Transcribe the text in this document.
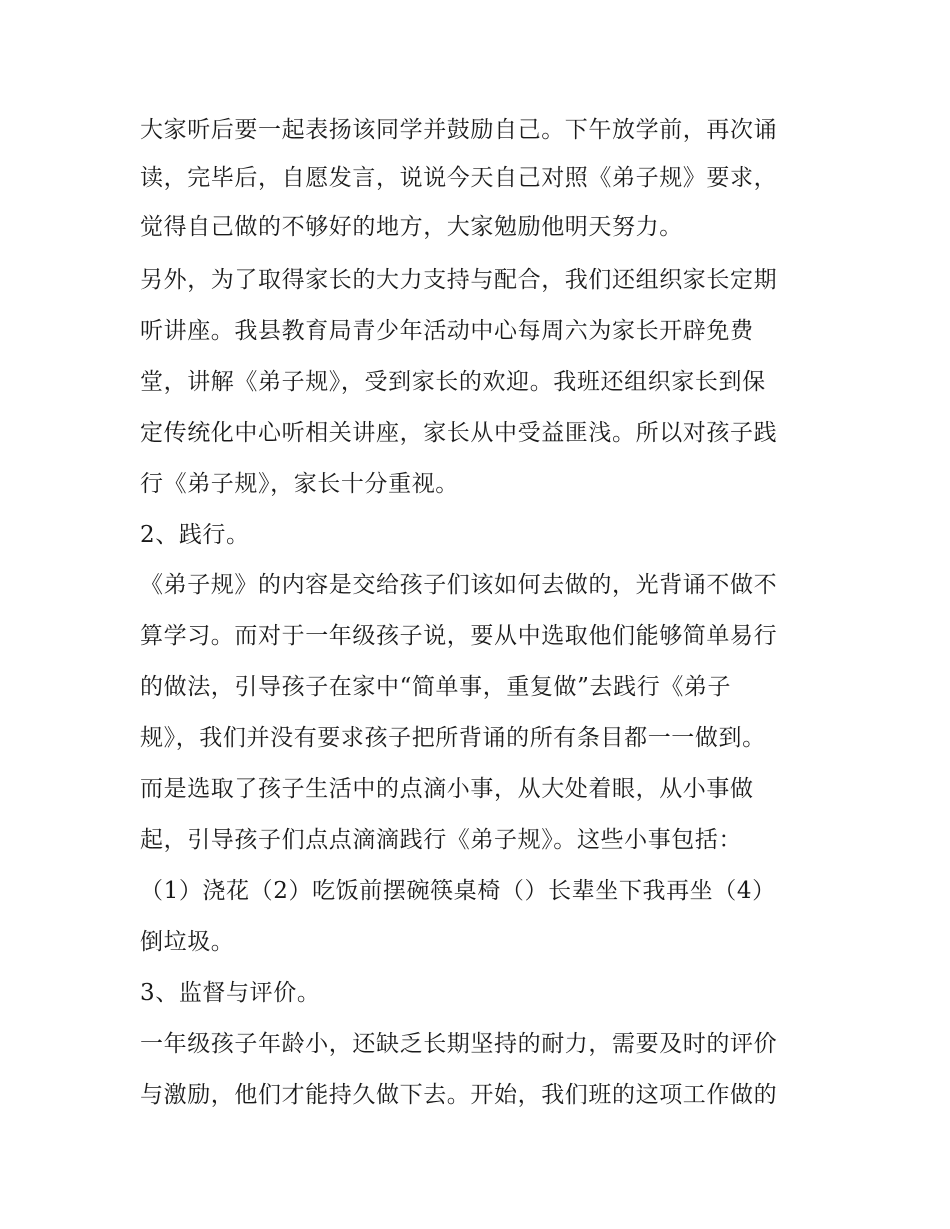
大家听后要一起表扬该同学并鼓励自己。下午放学前，再次诵
读，完毕后，自愿发言，说说今天自己对照《弟子规》要求，
觉得自己做的不够好的地方，大家勉励他明天努力。
另外，为了取得家长的大力支持与配合，我们还组织家长定期
听讲座。我县教育局青少年活动中心每周六为家长开辟免费
堂，讲解《弟子规》，受到家长的欢迎。我班还组织家长到保
定传统化中心听相关讲座，家长从中受益匪浅。所以对孩子践
行《弟子规》，家长十分重视。
2、践行。
《弟子规》的内容是交给孩子们该如何去做的，光背诵不做不
算学习。而对于一年级孩子说，要从中选取他们能够简单易行
的做法，引导孩子在家中“简单事，重复做”去践行《弟子
规》，我们并没有要求孩子把所背诵的所有条目都一一做到。
而是选取了孩子生活中的点滴小事，从大处着眼，从小事做
起，引导孩子们点点滴滴践行《弟子规》。这些小事包括：
（1）浇花（2）吃饭前摆碗筷桌椅（）长辈坐下我再坐（4）
倒垃圾。
3、监督与评价。
一年级孩子年龄小，还缺乏长期坚持的耐力，需要及时的评价
与激励，他们才能持久做下去。开始，我们班的这项工作做的
